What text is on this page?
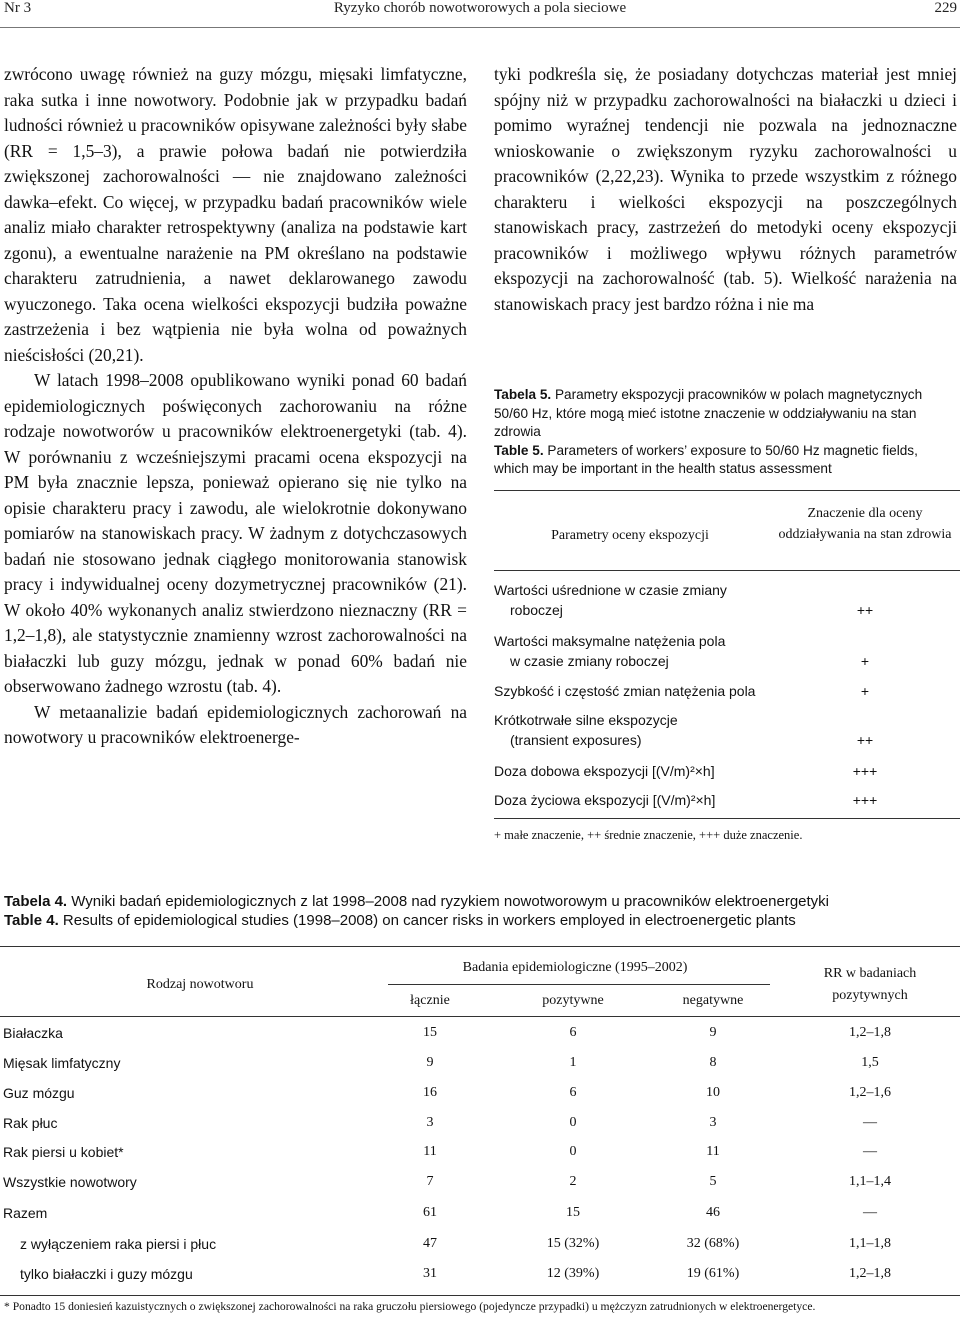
Nr 3	Ryzyko chorób nowotworowych a pola sieciowe	229

zwrócono uwagę również na guzy mózgu, mięsaki limfatyczne, raka sutka i inne nowotwory. Podobnie jak w przypadku badań ludności również u pracowników opisywane zależności były słabe (RR = 1,5–3), a prawie połowa badań nie potwierdziła zwiększonej zachorowalności — nie znajdowano zależności dawka–efekt. Co więcej, w przypadku badań pracowników wiele analiz miało charakter retrospektywny (analiza na podstawie kart zgonu), a ewentualne narażenie na PM określano na podstawie charakteru zatrudnienia, a nawet deklarowanego zawodu wyuczonego. Taka ocena wielkości ekspozycji budziła poważne zastrzeżenia i bez wątpienia nie była wolna od poważnych nieścisłości (20,21).

W latach 1998–2008 opublikowano wyniki ponad 60 badań epidemiologicznych poświęconych zachorowaniu na różne rodzaje nowotworów u pracowników elektroenergetyki (tab. 4). W porównaniu z wcześniejszymi pracami ocena ekspozycji na PM była znacznie lepsza, ponieważ opierano się nie tylko na opisie charakteru pracy i zawodu, ale wielokrotnie dokonywano pomiarów na stanowiskach pracy. W żadnym z dotychczasowych badań nie stosowano jednak ciągłego monitorowania stanowisk pracy i indywidualnej oceny dozymetrycznej pracowników (21). W około 40% wykonanych analiz stwierdzono nieznaczny (RR = 1,2–1,8), ale statystycznie znamienny wzrost zachorowalności na białaczki lub guzy mózgu, jednak w ponad 60% badań nie obserwowano żadnego wzrostu (tab. 4).

W metaanalizie badań epidemiologicznych zachorowań na nowotwory u pracowników elektroenerge-

tyki podkreśla się, że posiadany dotychczas materiał jest mniej spójny niż w przypadku zachorowalności na białaczki u dzieci i pomimo wyraźnej tendencji nie pozwala na jednoznaczne wnioskowanie o zwiększonym ryzyku zachorowalności u pracowników (2,22,23). Wynika to przede wszystkim z różnego charakteru i wielkości ekspozycji na poszczególnych stanowiskach pracy, zastrzeżeń do metodyki oceny ekspozycji pracowników i możliwego wpływu różnych parametrów ekspozycji na zachorowalność (tab. 5). Wielkość narażenia na stanowiskach pracy jest bardzo różna i nie ma

Tabela 5. Parametry ekspozycji pracowników w polach magnetycznych 50/60 Hz, które mogą mieć istotne znaczenie w oddziaływaniu na stan zdrowia
Table 5. Parameters of workers’ exposure to 50/60 Hz magnetic fields, which may be important in the health status assessment
Parametry oceny ekspozycji
Znaczenie dla oceny oddziaływania na stan zdrowia
Wartości uśrednione w czasie zmiany
roboczej	++
Wartości maksymalne natężenia pola
w czasie zmiany roboczej	+
Szybkość i częstość zmian natężenia pola	+
Krótkotrwałe silne ekspozycje
(transient exposures)	++
Doza dobowa ekspozycji [(V/m)²×h]	+++
Doza życiowa ekspozycji [(V/m)²×h]	+++
+ małe znaczenie, ++ średnie znaczenie, +++ duże znaczenie.
Tabela 4. Wyniki badań epidemiologicznych z lat 1998–2008 nad ryzykiem nowotworowym u pracowników elektroenergetyki
Table 4. Results of epidemiological studies (1998–2008) on cancer risks in workers employed in electroenergetic plants
Rodzaj nowotworu
Badania epidemiologiczne (1995–2002)
łącznie	pozytywne	negatywne
RR w badaniach pozytywnych
Białaczka	15	6	9	1,2–1,8
Mięsak limfatyczny	9	1	8	1,5
Guz mózgu	16	6	10	1,2–1,6
Rak płuc	3	0	3	—
Rak piersi u kobiet*	11	0	11	—
Wszystkie nowotwory	7	2	5	1,1–1,4
Razem	61	15	46	—
z wyłączeniem raka piersi i płuc	47	15 (32%)	32 (68%)	1,1–1,8
tylko białaczki i guzy mózgu	31	12 (39%)	19 (61%)	1,2–1,8
* Ponadto 15 doniesień kazuistycznych o zwiększonej zachorowalności na raka gruczołu piersiowego (pojedyncze przypadki) u mężczyzn zatrudnionych w elektroenergetyce.
